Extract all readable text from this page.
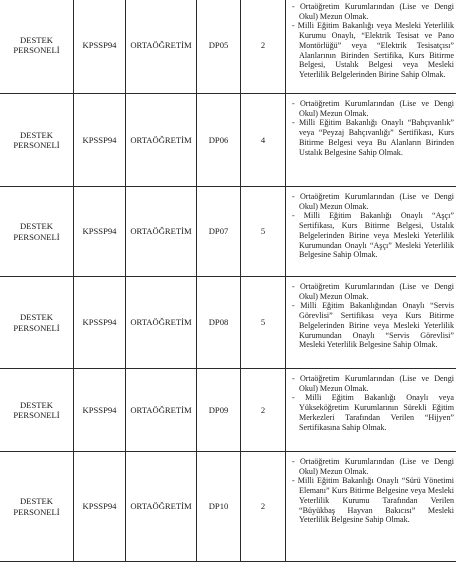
DESTEK
PERSONELİ	KPSSP94	ORTAÖĞRETİM	DP05	2	- Ortaöğretim Kurumlarından (Lise ve Dengi Okul) Mezun Olmak.
- Milli Eğitim Bakanlığı veya Mesleki Yeterlilik Kurumu Onaylı, “Elektrik Tesisat ve Pano Montörlüğü” veya “Elektrik Tesisatçısı” Alanlarının Birinden Sertifika, Kurs Bitirme Belgesi, Ustalık Belgesi veya Mesleki Yeterlilik Belgelerinden Birine Sahip Olmak.

DESTEK
PERSONELİ	KPSSP94	ORTAÖĞRETİM	DP06	4	- Ortaöğretim Kurumlarından (Lise ve Dengi Okul) Mezun Olmak.
- Milli Eğitim Bakanlığı Onaylı “Bahçıvanlık” veya “Peyzaj Bahçıvanlığı” Sertifikası, Kurs Bitirme Belgesi veya Bu Alanların Birinden Ustalık Belgesine Sahip Olmak.

DESTEK
PERSONELİ	KPSSP94	ORTAÖĞRETİM	DP07	5	- Ortaöğretim Kurumlarından (Lise ve Dengi Okul) Mezun Olmak.
- Milli Eğitim Bakanlığı Onaylı “Aşçı” Sertifikası, Kurs Bitirme Belgesi, Ustalık Belgelerinden Birine veya Mesleki Yeterlilik Kurumundan Onaylı “Aşçı” Mesleki Yeterlilik Belgesine Sahip Olmak.

DESTEK
PERSONELİ	KPSSP94	ORTAÖĞRETİM	DP08	5	- Ortaöğretim Kurumlarından (Lise ve Dengi Okul) Mezun Olmak.
- Milli Eğitim Bakanlığından Onaylı “Servis Görevlisi” Sertifikası veya Kurs Bitirme Belgelerinden Birine veya Mesleki Yeterlilik Kurumundan Onaylı “Servis Görevlisi” Mesleki Yeterlilik Belgesine Sahip Olmak.

DESTEK
PERSONELİ	KPSSP94	ORTAÖĞRETİM	DP09	2	- Ortaöğretim Kurumlarından (Lise ve Dengi Okul) Mezun Olmak.
- Milli Eğitim Bakanlığı Onaylı veya Yükseköğretim Kurumlarının Sürekli Eğitim Merkezleri Tarafından Verilen “Hijyen” Sertifikasına Sahip Olmak.

DESTEK
PERSONELİ	KPSSP94	ORTAÖĞRETİM	DP10	2	- Ortaöğretim Kurumlarından (Lise ve Dengi Okul) Mezun Olmak.
- Milli Eğitim Bakanlığı Onaylı “Sürü Yönetimi Elemanı” Kurs Bitirme Belgesine veya Mesleki Yeterlilik Kurumu Tarafından Verilen “Büyükbaş Hayvan Bakıcısı” Mesleki Yeterlilik Belgesine Sahip Olmak.
